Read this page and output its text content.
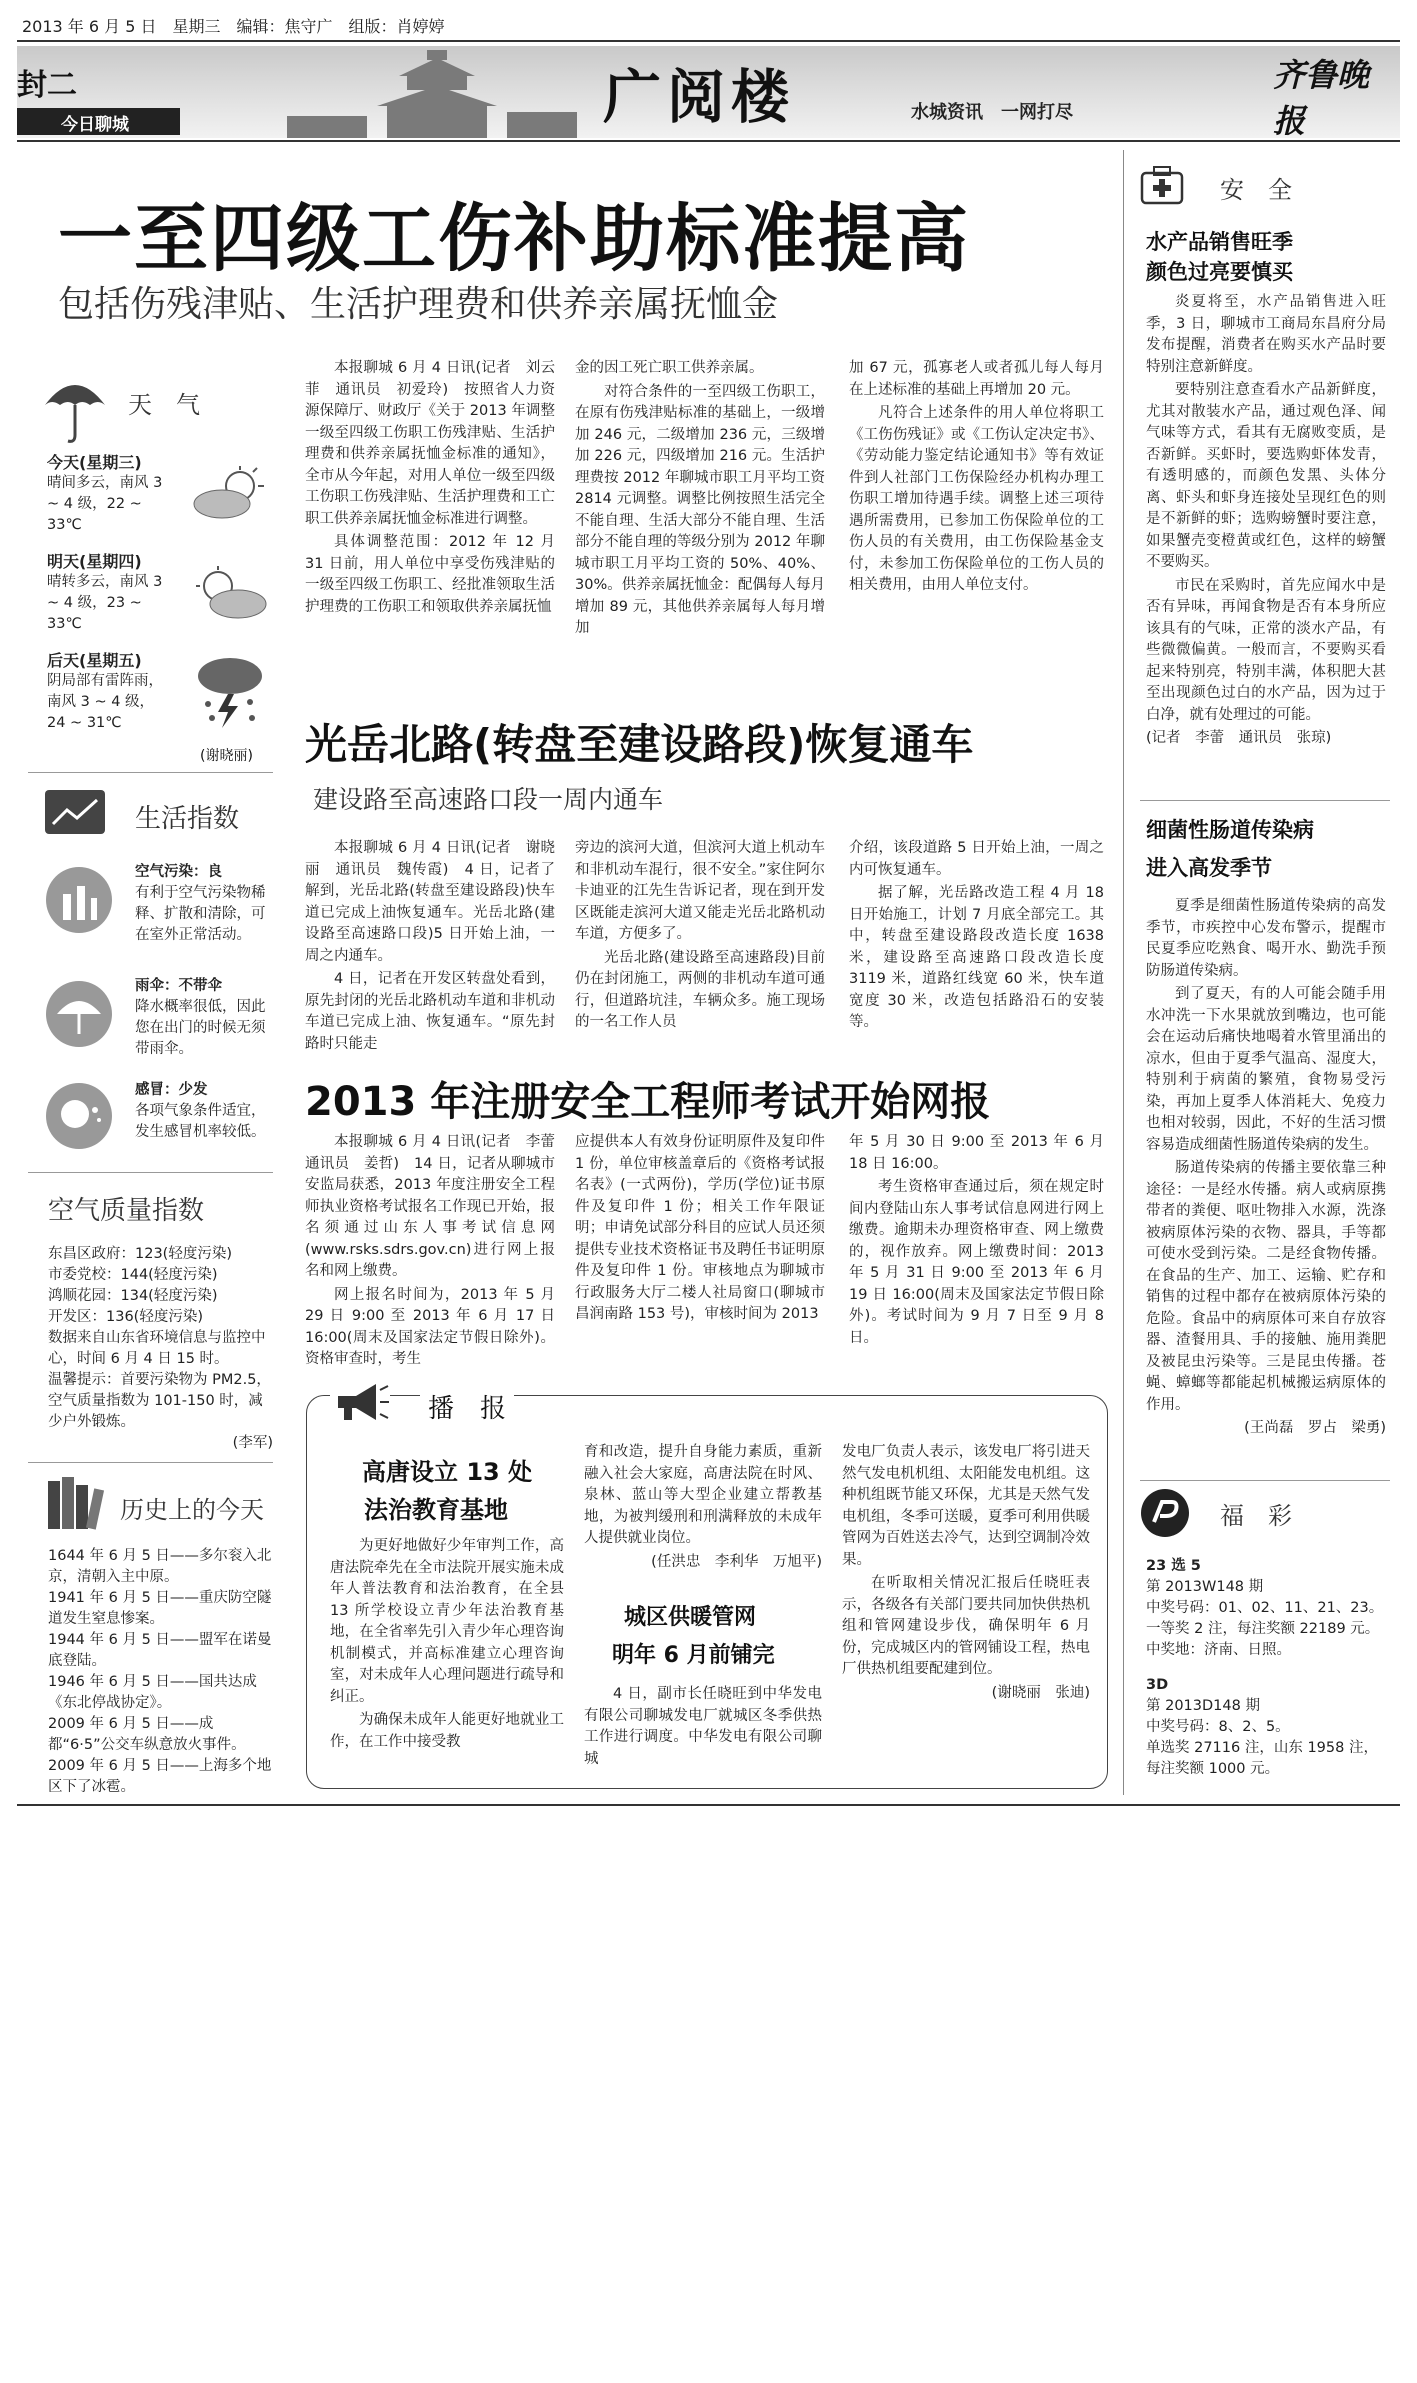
2013 年 6 月 5 日　星期三　编辑：焦守广　组版：肖婷婷
封二
今日聊城	广阅楼	水城资讯　一网打尽
齐鲁晚报
一至四级工伤补助标准提高
包括伤残津贴、生活护理费和供养亲属抚恤金

本报聊城 6 月 4 日讯(记者　刘云菲　通讯员　初爱玲)　按照省人力资源保障厅、财政厅《关于 2013 年调整一级至四级工伤职工伤残津贴、生活护理费和供养亲属抚恤金标准的通知》，全市从今年起，对用人单位一级至四级工伤职工伤残津贴、生活护理费和工亡职工供养亲属抚恤金标准进行调整。

具体调整范围：2012 年 12 月 31 日前，用人单位中享受伤残津贴的一级至四级工伤职工、经批准领取生活护理费的工伤职工和领取供养亲属抚恤

金的因工死亡职工供养亲属。

对符合条件的一至四级工伤职工，在原有伤残津贴标准的基础上，一级增加 246 元，二级增加 236 元，三级增加 226 元，四级增加 216 元。生活护理费按 2012 年聊城市职工月平均工资 2814 元调整。调整比例按照生活完全不能自理、生活大部分不能自理、生活部分不能自理的等级分别为 2012 年聊城市职工月平均工资的 50%、40%、30%。供养亲属抚恤金：配偶每人每月增加 89 元，其他供养亲属每人每月增加

加 67 元，孤寡老人或者孤儿每人每月在上述标准的基础上再增加 20 元。

凡符合上述条件的用人单位将职工《工伤伤残证》或《工伤认定决定书》、《劳动能力鉴定结论通知书》等有效证件到人社部门工伤保险经办机构办理工伤职工增加待遇手续。调整上述三项待遇所需费用，已参加工伤保险单位的工伤人员的有关费用，由工伤保险基金支付，未参加工伤保险单位的工伤人员的相关费用，由用人单位支付。

光岳北路(转盘至建设路段)恢复通车
建设路至高速路口段一周内通车

本报聊城 6 月 4 日讯(记者　谢晓丽　通讯员　魏传霞)　4 日，记者了解到，光岳北路(转盘至建设路段)快车道已完成上油恢复通车。光岳北路(建设路至高速路口段)5 日开始上油，一周之内通车。

4 日，记者在开发区转盘处看到，原先封闭的光岳北路机动车道和非机动车道已完成上油、恢复通车。“原先封路时只能走

旁边的滨河大道，但滨河大道上机动车和非机动车混行，很不安全。”家住阿尔卡迪亚的江先生告诉记者，现在到开发区既能走滨河大道又能走光岳北路机动车道，方便多了。

光岳北路(建设路至高速路段)目前仍在封闭施工，两侧的非机动车道可通行，但道路坑洼，车辆众多。施工现场的一名工作人员

介绍，该段道路 5 日开始上油，一周之内可恢复通车。

据了解，光岳路改造工程 4 月 18 日开始施工，计划 7 月底全部完工。其中，转盘至建设路段改造长度 1638 米，建设路至高速路口段改造长度 3119 米，道路红线宽 60 米，快车道宽度 30 米，改造包括路沿石的安装等。

2013 年注册安全工程师考试开始网报

本报聊城 6 月 4 日讯(记者　李蕾　通讯员　姜哲)　14 日，记者从聊城市安监局获悉，2013 年度注册安全工程师执业资格考试报名工作现已开始，报名须通过山东人事考试信息网(www.rsks.sdrs.gov.cn)进行网上报名和网上缴费。

网上报名时间为，2013 年 5 月 29 日 9:00 至 2013 年 6 月 17 日 16:00(周末及国家法定节假日除外)。资格审查时，考生

应提供本人有效身份证明原件及复印件 1 份，单位审核盖章后的《资格考试报名表》(一式两份)，学历(学位)证书原件及复印件 1 份；相关工作年限证明；申请免试部分科目的应试人员还须提供专业技术资格证书及聘任书证明原件及复印件 1 份。审核地点为聊城市行政服务大厅二楼人社局窗口(聊城市昌润南路 153 号)，审核时间为 2013

年 5 月 30 日 9:00 至 2013 年 6 月 18 日 16:00。

考生资格审查通过后，须在规定时间内登陆山东人事考试信息网进行网上缴费。逾期未办理资格审查、网上缴费的，视作放弃。网上缴费时间：2013 年 5 月 31 日 9:00 至 2013 年 6 月 19 日 16:00(周末及国家法定节假日除外)。考试时间为 9 月 7 日至 9 月 8 日。

播　报
高唐设立 13 处
法治教育基地

为更好地做好少年审判工作，高唐法院牵先在全市法院开展实施未成年人普法教育和法治教育，在全县 13 所学校设立青少年法治教育基地，在全省率先引入青少年心理咨询机制模式，并高标准建立心理咨询室，对未成年人心理问题进行疏导和纠正。

为确保未成年人能更好地就业工作，在工作中接受教

育和改造，提升自身能力素质，重新融入社会大家庭，高唐法院在时风、泉林、蓝山等大型企业建立帮教基地，为被判缓刑和刑满释放的未成年人提供就业岗位。

(任洪忠　李利华　万旭平)

城区供暖管网
明年 6 月前铺完

4 日，副市长任晓旺到中华发电有限公司聊城发电厂就城区冬季供热工作进行调度。中华发电有限公司聊城

发电厂负责人表示，该发电厂将引进天然气发电机机组、太阳能发电机组。这种机组既节能又环保，尤其是天然气发电机组，冬季可送暖，夏季可利用供暖管网为百姓送去冷气，达到空调制冷效果。

在听取相关情况汇报后任晓旺表示，各级各有关部门要共同加快供热机组和管网建设步伐，确保明年 6 月份，完成城区内的管网铺设工程，热电厂供热机组要配建到位。

(谢晓丽　张迪)

天　气

今天(星期三)

晴间多云，南风 3 ~ 4 级，22 ~ 33℃

明天(星期四)

晴转多云，南风 3 ~ 4 级，23 ~ 33℃

后天(星期五)

阴局部有雷阵雨，南风 3 ~ 4 级，24 ~ 31℃

(谢晓丽)
生活指数

空气污染：良

有利于空气污染物稀释、扩散和清除，可在室外正常活动。

雨伞：不带伞

降水概率很低，因此您在出门的时候无须带雨伞。

感冒：少发

各项气象条件适宜，发生感冒机率较低。

空气质量指数

东昌区政府：123(轻度污染)

市委党校：144(轻度污染)

鸿顺花园：134(轻度污染)

开发区：136(轻度污染)

数据来自山东省环境信息与监控中心，时间 6 月 4 日 15 时。

温馨提示：首要污染物为 PM2.5，空气质量指数为 101-150 时，减少户外锻炼。

(李军)

历史上的今天

1644 年 6 月 5 日——多尔衮入北京，清朝入主中原。

1941 年 6 月 5 日——重庆防空隧道发生窒息惨案。

1944 年 6 月 5 日——盟军在诺曼底登陆。

1946 年 6 月 5 日——国共达成《东北停战协定》。

2009 年 6 月 5 日——成都“6·5”公交车纵意放火事件。

2009 年 6 月 5 日——上海多个地区下了冰雹。

安　全
水产品销售旺季
颜色过亮要慎买

炎夏将至，水产品销售进入旺季，3 日，聊城市工商局东昌府分局发布提醒，消费者在购买水产品时要特别注意新鲜度。

要特别注意查看水产品新鲜度，尤其对散装水产品，通过观色泽、闻气味等方式，看其有无腐败变质，是否新鲜。买虾时，要选购虾体发青，有透明感的，而颜色发黑、头体分离、虾头和虾身连接处呈现红色的则是不新鲜的虾；选购螃蟹时要注意，如果蟹壳变橙黄或红色，这样的螃蟹不要购买。

市民在采购时，首先应闻水中是否有异味，再闻食物是否有本身所应该具有的气味，正常的淡水产品，有些微微偏黄。一般而言，不要购买看起来特别亮，特别丰满，体积肥大甚至出现颜色过白的水产品，因为过于白净，就有处理过的可能。

(记者　李蕾　通讯员　张琼)

细菌性肠道传染病
进入高发季节

夏季是细菌性肠道传染病的高发季节，市疾控中心发布警示，提醒市民夏季应吃熟食、喝开水、勤洗手预防肠道传染病。

到了夏天，有的人可能会随手用水冲洗一下水果就放到嘴边，也可能会在运动后痛快地喝着水管里涌出的凉水，但由于夏季气温高、湿度大，特别利于病菌的繁殖，食物易受污染，再加上夏季人体消耗大、免疫力也相对较弱，因此，不好的生活习惯容易造成细菌性肠道传染病的发生。

肠道传染病的传播主要依靠三种途径：一是经水传播。病人或病原携带者的粪便、呕吐物排入水源，洗涤被病原体污染的衣物、器具，手等都可使水受到污染。二是经食物传播。在食品的生产、加工、运输、贮存和销售的过程中都存在被病原体污染的危险。食品中的病原体可来自存放容器、渣餐用具、手的接触、施用粪肥及被昆虫污染等。三是昆虫传播。苍蝇、蟑螂等都能起机械搬运病原体的作用。

(王尚磊　罗占　梁勇)

福　彩

23 选 5

第 2013W148 期

中奖号码：01、02、11、21、23。

一等奖 2 注，每注奖额 22189 元。

中奖地：济南、日照。

3D

第 2013D148 期

中奖号码：8、2、5。

单选奖 27116 注，山东 1958 注，每注奖额 1000 元。
